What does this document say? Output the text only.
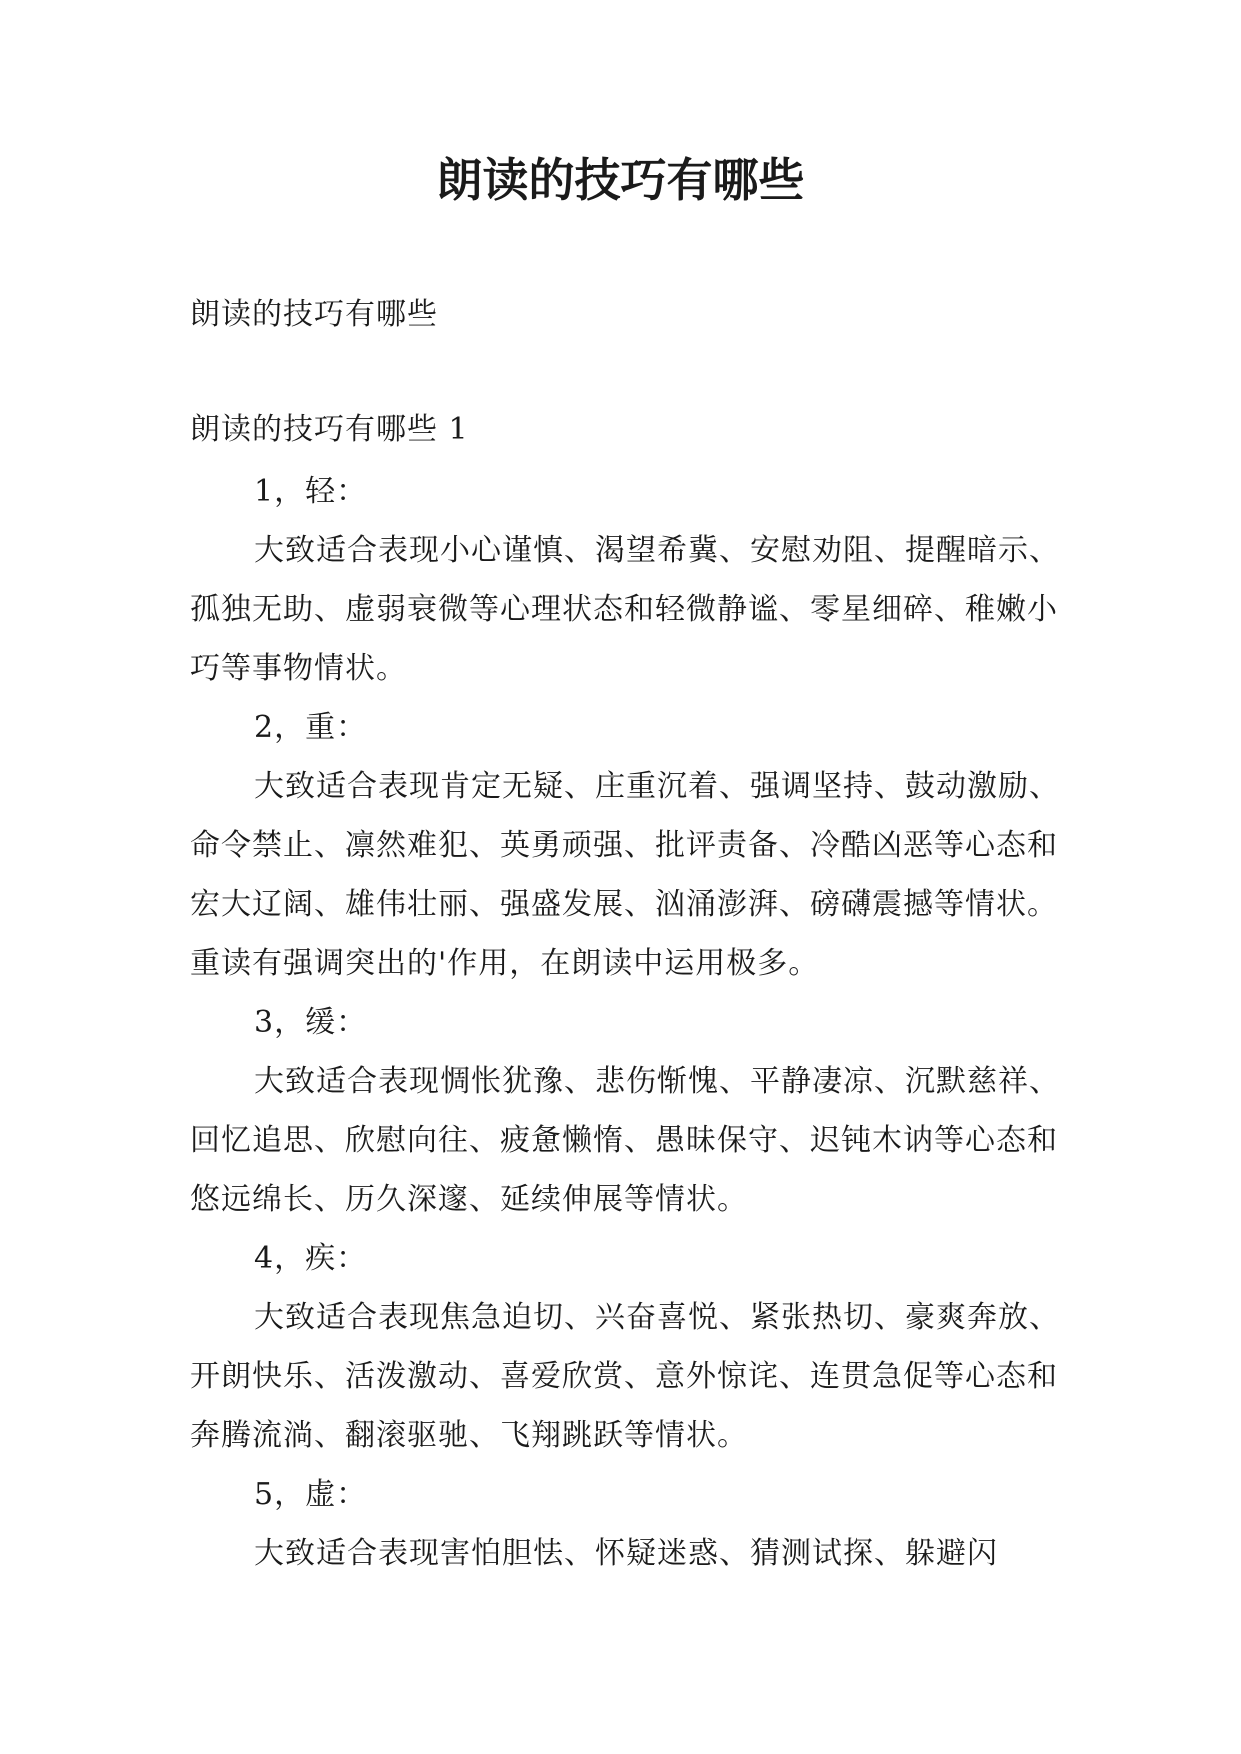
朗读的技巧有哪些

朗读的技巧有哪些

朗读的技巧有哪些 1

1，轻：

大致适合表现小心谨慎、渴望希冀、安慰劝阻、提醒暗示、孤独无助、虚弱衰微等心理状态和轻微静谧、零星细碎、稚嫩小巧等事物情状。

2，重：

大致适合表现肯定无疑、庄重沉着、强调坚持、鼓动激励、命令禁止、凛然难犯、英勇顽强、批评责备、冷酷凶恶等心态和宏大辽阔、雄伟壮丽、强盛发展、汹涌澎湃、磅礴震撼等情状。重读有强调突出的'作用，在朗读中运用极多。

3，缓：

大致适合表现惆怅犹豫、悲伤惭愧、平静凄凉、沉默慈祥、回忆追思、欣慰向往、疲惫懒惰、愚昧保守、迟钝木讷等心态和悠远绵长、历久深邃、延续伸展等情状。

4，疾：

大致适合表现焦急迫切、兴奋喜悦、紧张热切、豪爽奔放、开朗快乐、活泼激动、喜爱欣赏、意外惊诧、连贯急促等心态和奔腾流淌、翻滚驱驰、飞翔跳跃等情状。

5，虚：

大致适合表现害怕胆怯、怀疑迷惑、猜测试探、躲避闪
